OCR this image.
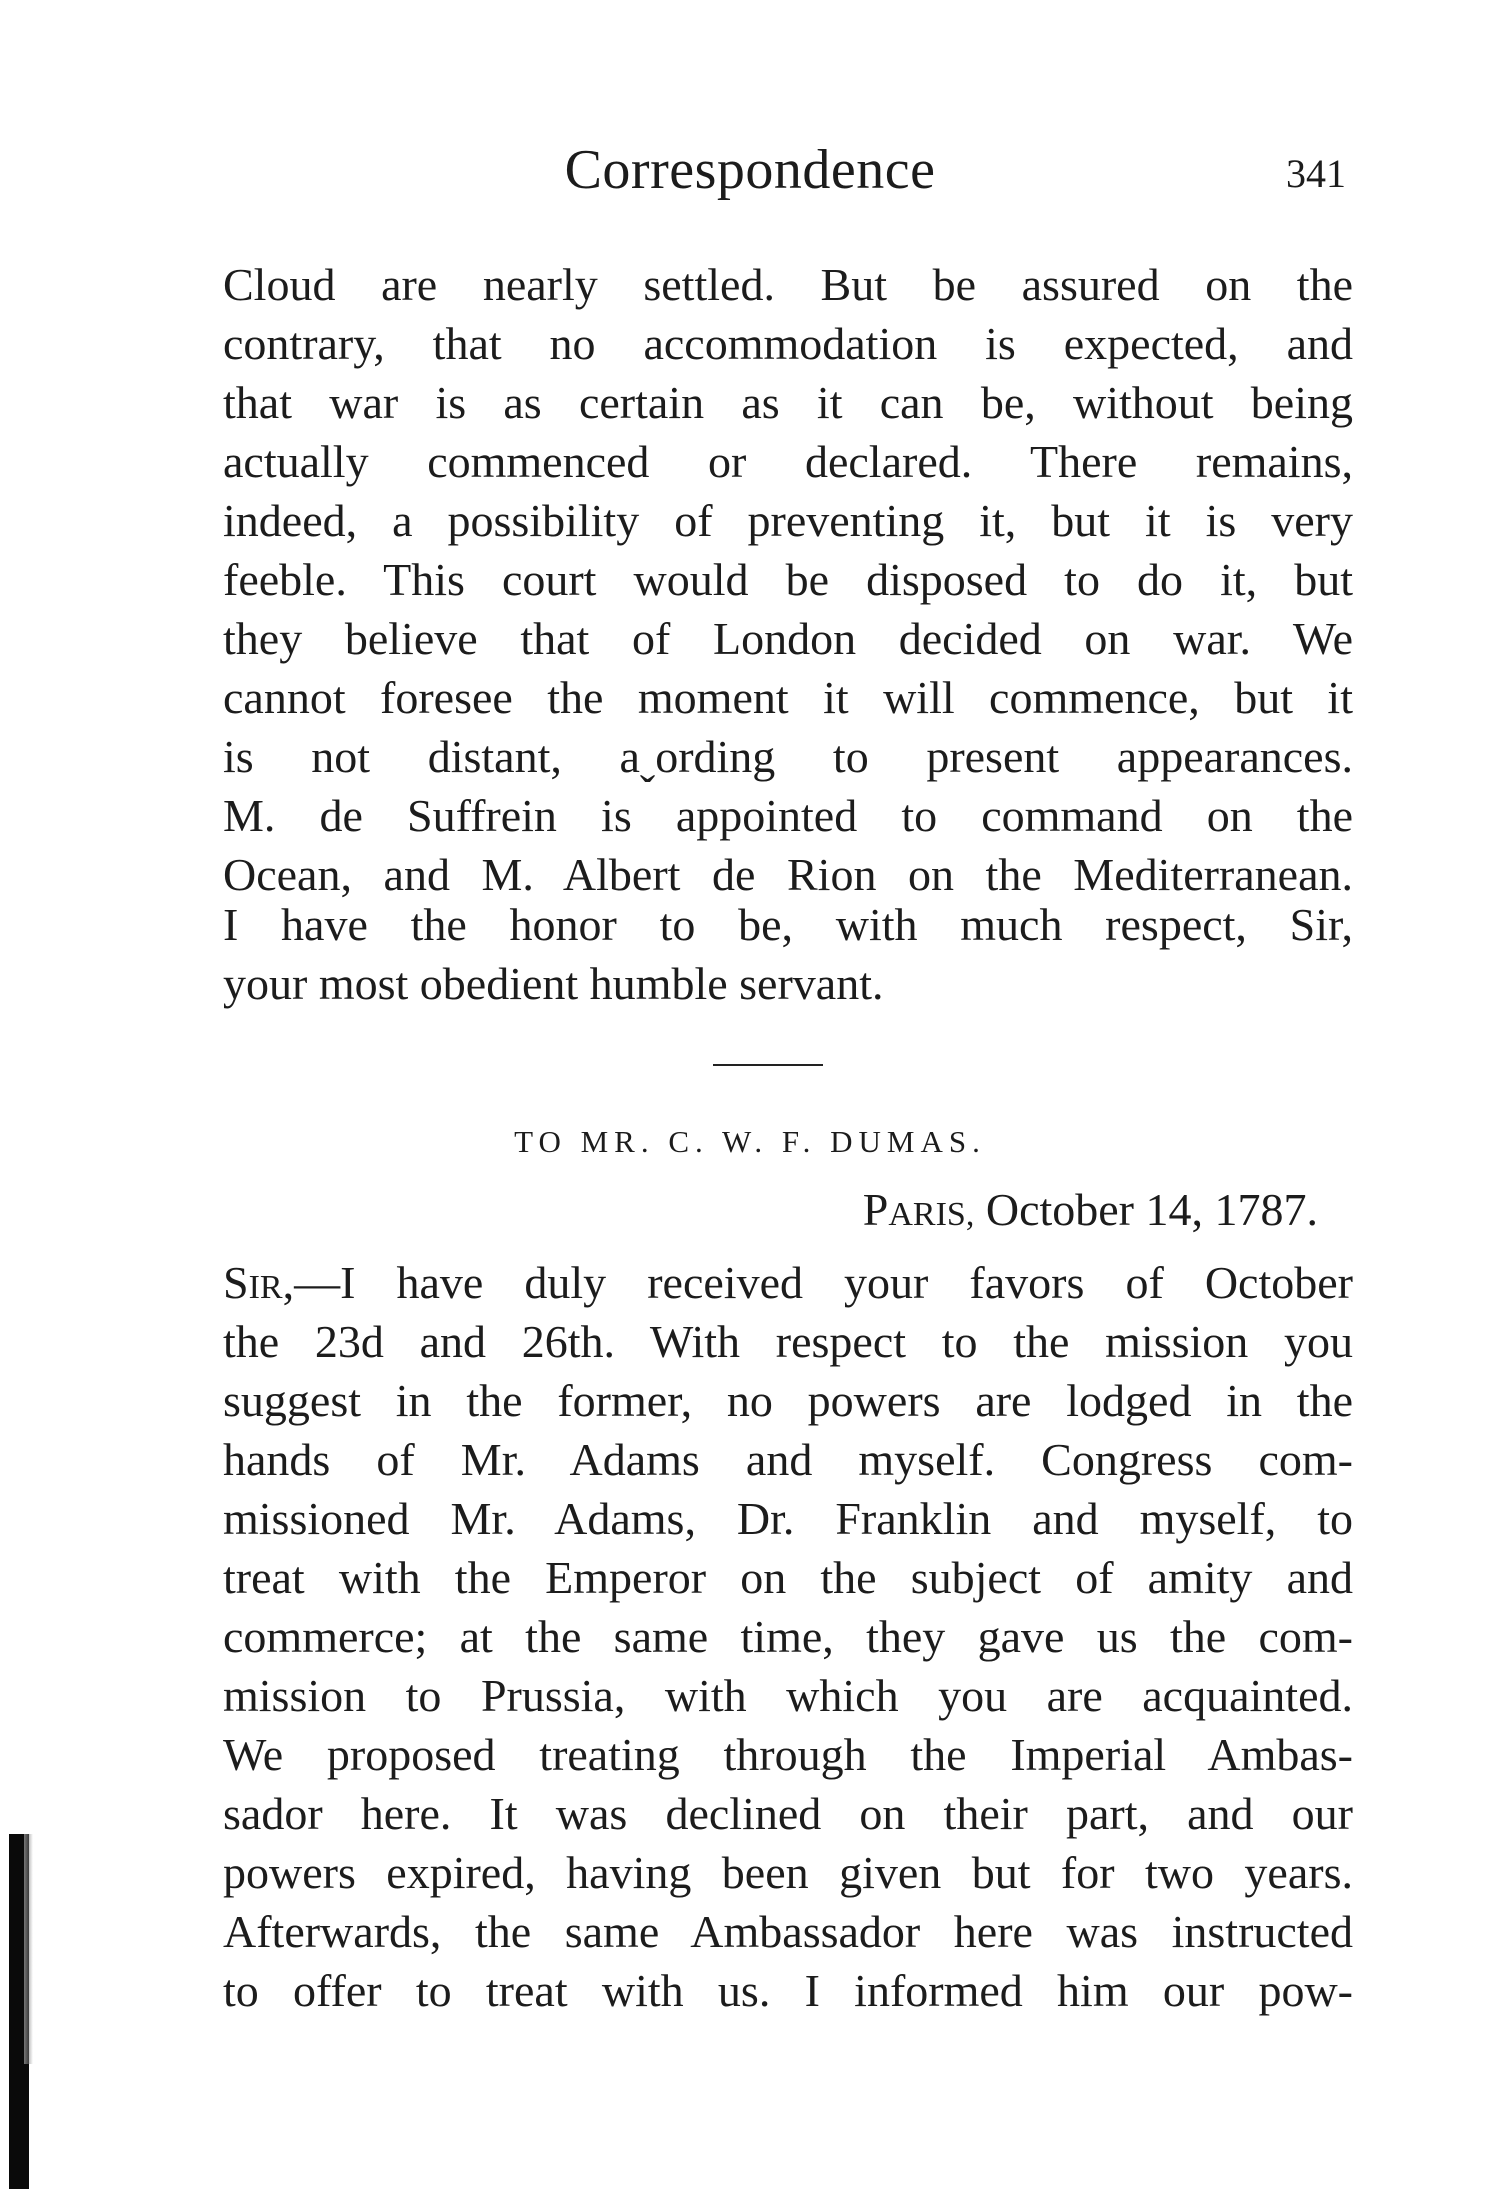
Correspondence	341
Cloud are nearly settled. But be assured on the
contrary, that no accommodation is expected, and
that war is as certain as it can be, without being
actually commenced or declared. There remains,
indeed, a possibility of preventing it, but it is very
feeble. This court would be disposed to do it, but
they believe that of London decided on war. We
cannot foresee the moment it will commence, but it
is not distant, aˬording to present appearances.
M. de Suffrein is appointed to command on the
Ocean, and M. Albert de Rion on the Mediterranean.
I have the honor to be, with much respect, Sir,
your most obedient humble servant.
TO MR. C. W. F. DUMAS.
PARIS, October 14, 1787.
SIR,—I have duly received your favors of October
the 23d and 26th. With respect to the mission you
suggest in the former, no powers are lodged in the
hands of Mr. Adams and myself. Congress com-
missioned Mr. Adams, Dr. Franklin and myself, to
treat with the Emperor on the subject of amity and
commerce; at the same time, they gave us the com-
mission to Prussia, with which you are acquainted.
We proposed treating through the Imperial Ambas-
sador here. It was declined on their part, and our
powers expired, having been given but for two years.
Afterwards, the same Ambassador here was instructed
to offer to treat with us. I informed him our pow-
